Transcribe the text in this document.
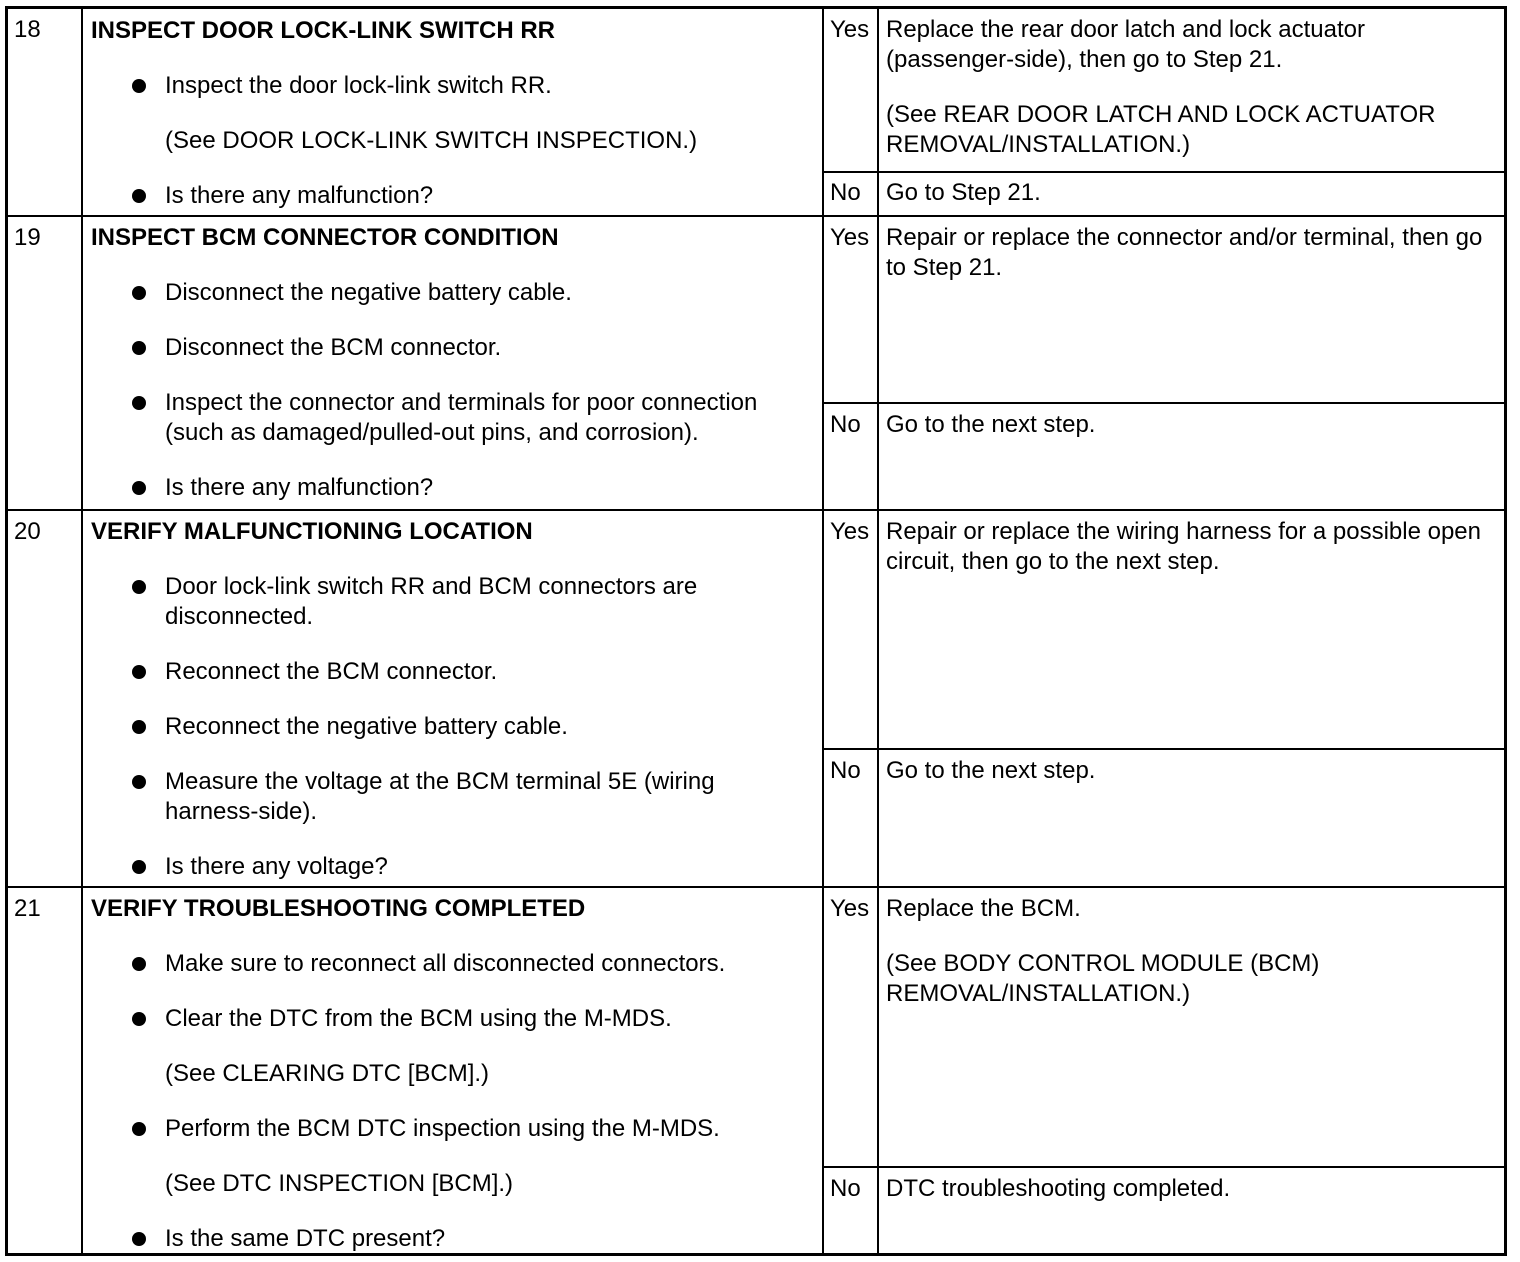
18	INSPECT DOOR LOCK-LINK SWITCH RR
Inspect the door lock-link switch RR.
(See DOOR LOCK-LINK SWITCH INSPECTION.)
Is there any malfunction?
Yes Replace the rear door latch and lock actuator (passenger-side), then go to Step 21.

(See REAR DOOR LATCH AND LOCK ACTUATOR REMOVAL/INSTALLATION.)

No	Go to Step 21.

19	INSPECT BCM CONNECTOR CONDITION
Disconnect the negative battery cable.
Disconnect the BCM connector.
Inspect the connector and terminals for poor connection (such as damaged/pulled-out pins, and corrosion).
Is there any malfunction?
Yes Repair or replace the connector and/or terminal, then go to Step 21.

No	Go to the next step.

20	VERIFY MALFUNCTIONING LOCATION
Door lock-link switch RR and BCM connectors are disconnected.
Reconnect the BCM connector.
Reconnect the negative battery cable.
Measure the voltage at the BCM terminal 5E (wiring harness-side).
Is there any voltage?
Yes Repair or replace the wiring harness for a possible open circuit, then go to the next step.

No	Go to the next step.

21	VERIFY TROUBLESHOOTING COMPLETED
Make sure to reconnect all disconnected connectors.
Clear the DTC from the BCM using the M-MDS.
(See CLEARING DTC [BCM].)
Perform the BCM DTC inspection using the M-MDS.
(See DTC INSPECTION [BCM].)
Is the same DTC present?
Yes Replace the BCM.

(See BODY CONTROL MODULE (BCM) REMOVAL/INSTALLATION.)

No	DTC troubleshooting completed.
